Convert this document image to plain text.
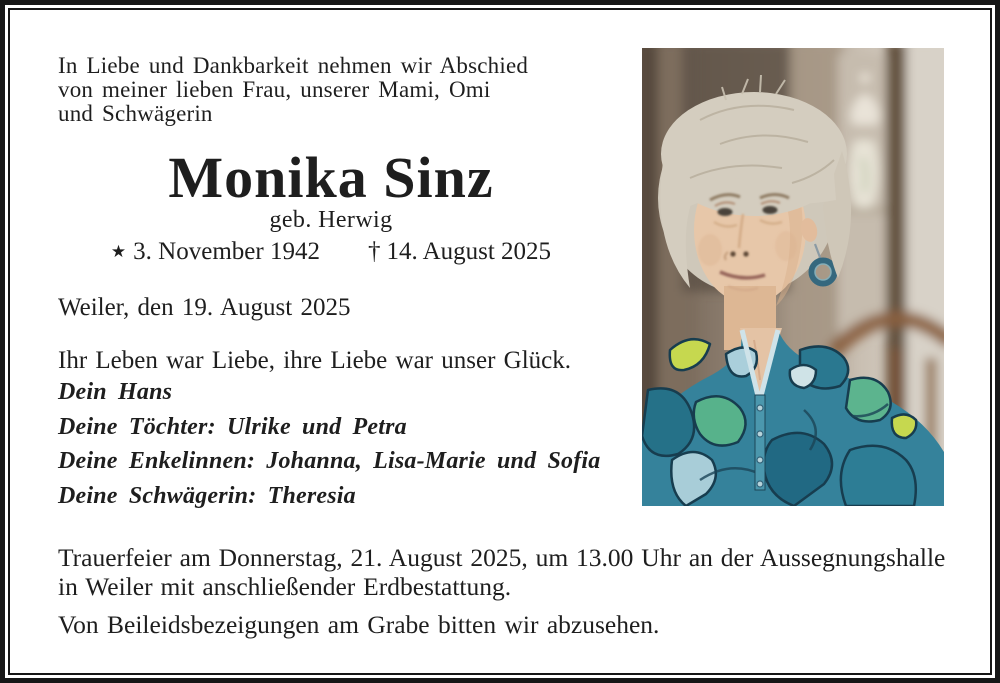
In Liebe und Dankbarkeit nehmen wir Abschied
von meiner lieben Frau, unserer Mami, Omi
und Schwägerin
Monika Sinz
geb. Herwig
★ 3. November 1942 † 14. August 2025
Weiler, den 19. August 2025
Ihr Leben war Liebe, ihre Liebe war unser Glück.
Dein Hans
Deine Töchter: Ulrike und Petra
Deine Enkelinnen: Johanna, Lisa-Marie und Sofia
Deine Schwägerin: Theresia
Trauerfeier am Donnerstag, 21. August 2025, um 13.00 Uhr an der Aussegnungshalle
in Weiler mit anschließender Erdbestattung.
Von Beileidsbezeigungen am Grabe bitten wir abzusehen.
